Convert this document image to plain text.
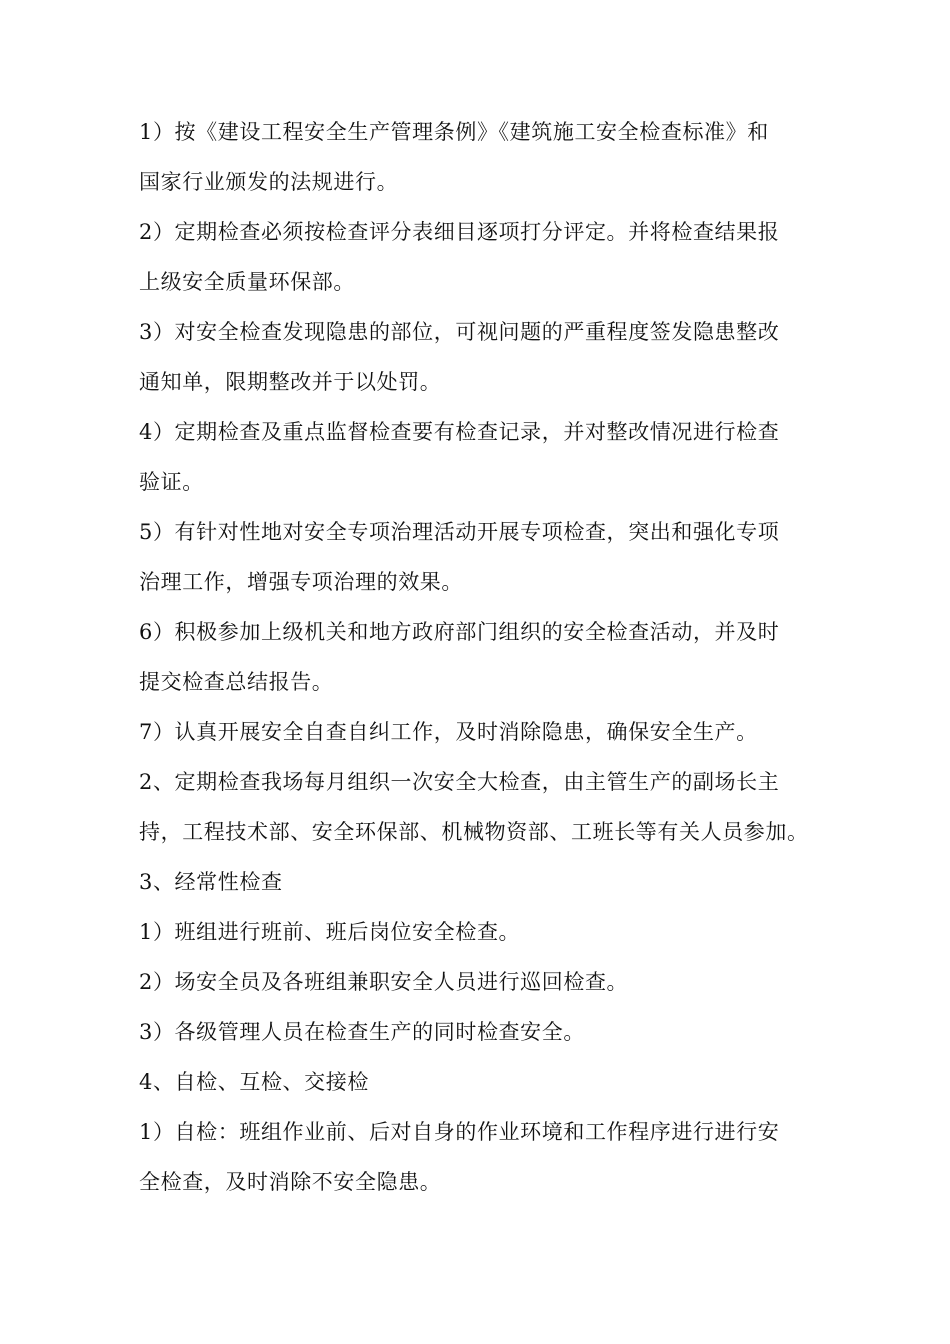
1）按《建设工程安全生产管理条例》《建筑施工安全检查标准》和
国家行业颁发的法规进行。
2）定期检查必须按检查评分表细目逐项打分评定。并将检查结果报
上级安全质量环保部。
3）对安全检查发现隐患的部位，可视问题的严重程度签发隐患整改
通知单，限期整改并于以处罚。
4）定期检查及重点监督检查要有检查记录，并对整改情况进行检查
验证。
5）有针对性地对安全专项治理活动开展专项检查，突出和强化专项
治理工作，增强专项治理的效果。
6）积极参加上级机关和地方政府部门组织的安全检查活动，并及时
提交检查总结报告。
7）认真开展安全自查自纠工作，及时消除隐患，确保安全生产。
2、定期检查我场每月组织一次安全大检查，由主管生产的副场长主
持，工程技术部、安全环保部、机械物资部、工班长等有关人员参加。
3、经常性检查
1）班组进行班前、班后岗位安全检查。
2）场安全员及各班组兼职安全人员进行巡回检查。
3）各级管理人员在检查生产的同时检查安全。
4、自检、互检、交接检
1）自检：班组作业前、后对自身的作业环境和工作程序进行进行安
全检查，及时消除不安全隐患。
